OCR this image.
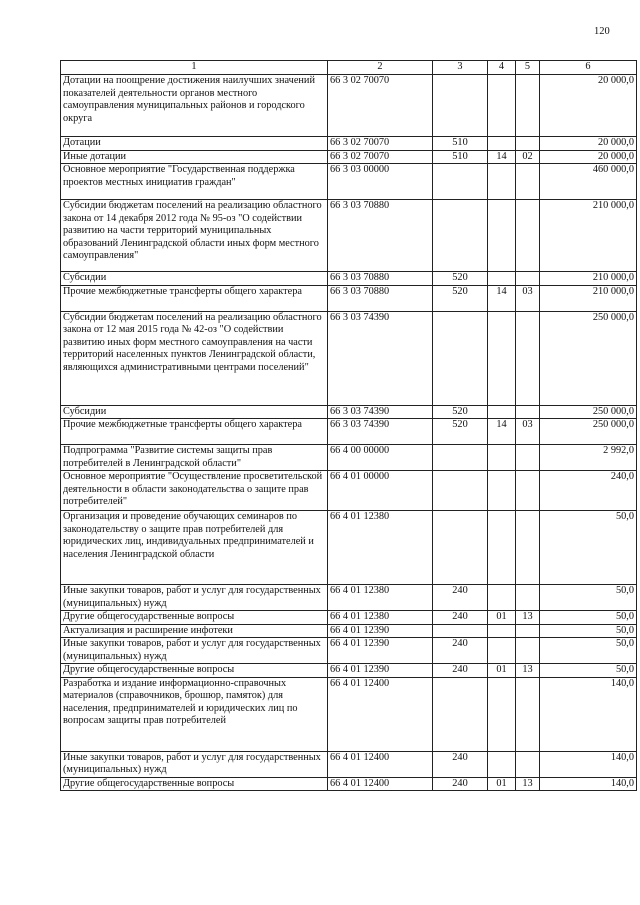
120
1	2	3	4	5	6
Дотации на поощрение достижения наилучших значений показателей деятельности органов местного самоуправления муниципальных районов и городского округа	66 3 02 70070				20 000,0
Дотации	66 3 02 70070	510			20 000,0
Иные дотации	66 3 02 70070	510	14	02	20 000,0
Основное мероприятие "Государственная поддержка проектов местных инициатив граждан"	66 3 03 00000				460 000,0
Субсидии бюджетам поселений на реализацию областного закона от 14 декабря 2012 года № 95-оз "О содействии развитию на части территорий муниципальных образований Ленинградской области иных форм местного самоуправления"	66 3 03 70880				210 000,0
Субсидии	66 3 03 70880	520			210 000,0
Прочие межбюджетные трансферты общего характера	66 3 03 70880	520	14	03	210 000,0
Субсидии бюджетам поселений на реализацию областного закона от 12 мая 2015 года № 42-оз "О содействии развитию иных форм местного самоуправления на части территорий населенных пунктов Ленинградской области, являющихся административными центрами поселений"	66 3 03 74390				250 000,0
Субсидии	66 3 03 74390	520			250 000,0
Прочие межбюджетные трансферты общего характера	66 3 03 74390	520	14	03	250 000,0
Подпрограмма "Развитие системы защиты прав потребителей в Ленинградской области"	66 4 00 00000				2 992,0
Основное мероприятие "Осуществление просветительской деятельности в области законодательства о защите прав потребителей"	66 4 01 00000				240,0
Организация и проведение обучающих семинаров по законодательству о защите прав потребителей для юридических лиц, индивидуальных предпринимателей и населения Ленинградской области	66 4 01 12380				50,0
Иные закупки товаров, работ и услуг для государственных (муниципальных) нужд	66 4 01 12380	240			50,0
Другие общегосударственные вопросы	66 4 01 12380	240	01	13	50,0
Актуализация и расширение инфотеки	66 4 01 12390				50,0
Иные закупки товаров, работ и услуг для государственных (муниципальных) нужд	66 4 01 12390	240			50,0
Другие общегосударственные вопросы	66 4 01 12390	240	01	13	50,0
Разработка и издание информационно-справочных материалов (справочников, брошюр, памяток) для населения, предпринимателей и юридических лиц по вопросам защиты прав потребителей	66 4 01 12400				140,0
Иные закупки товаров, работ и услуг для государственных (муниципальных) нужд	66 4 01 12400	240			140,0
Другие общегосударственные вопросы	66 4 01 12400	240	01	13	140,0
